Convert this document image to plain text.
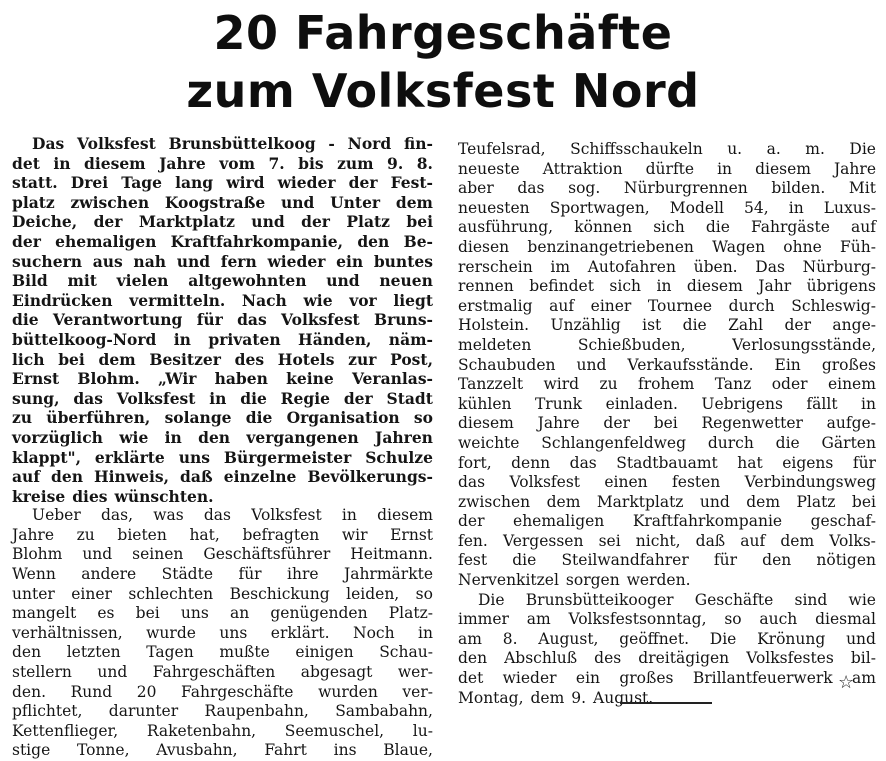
20 Fahrgeschäfte
zum Volksfest Nord
Das Volksfest Brunsbüttelkoog - Nord fin-
det in diesem Jahre vom 7. bis zum 9. 8.
statt. Drei Tage lang wird wieder der Fest-
platz zwischen Koogstraße und Unter dem
Deiche, der Marktplatz und der Platz bei
der ehemaligen Kraftfahrkompanie, den Be-
suchern aus nah und fern wieder ein buntes
Bild mit vielen altgewohnten und neuen
Eindrücken vermitteln. Nach wie vor liegt
die Verantwortung für das Volksfest Bruns-
büttelkoog-Nord in privaten Händen, näm-
lich bei dem Besitzer des Hotels zur Post,
Ernst Blohm. „Wir haben keine Veranlas-
sung, das Volksfest in die Regie der Stadt
zu überführen, solange die Organisation so
vorzüglich wie in den vergangenen Jahren
klappt", erklärte uns Bürgermeister Schulze
auf den Hinweis, daß einzelne Bevölkerungs-
kreise dies wünschten.
Ueber das, was das Volksfest in diesem
Jahre zu bieten hat, befragten wir Ernst
Blohm und seinen Geschäftsführer Heitmann.
Wenn andere Städte für ihre Jahrmärkte
unter einer schlechten Beschickung leiden, so
mangelt es bei uns an genügenden Platz-
verhältnissen, wurde uns erklärt. Noch in
den letzten Tagen mußte einigen Schau-
stellern und Fahrgeschäften abgesagt wer-
den. Rund 20 Fahrgeschäfte wurden ver-
pflichtet, darunter Raupenbahn, Sambabahn,
Kettenflieger, Raketenbahn, Seemuschel, lu-
stige Tonne, Avusbahn, Fahrt ins Blaue,
Teufelsrad, Schiffsschaukeln u. a. m. Die
neueste Attraktion dürfte in diesem Jahre
aber das sog. Nürburgrennen bilden. Mit
neuesten Sportwagen, Modell 54, in Luxus-
ausführung, können sich die Fahrgäste auf
diesen benzinangetriebenen Wagen ohne Füh-
rerschein im Autofahren üben. Das Nürburg-
rennen befindet sich in diesem Jahr übrigens
erstmalig auf einer Tournee durch Schleswig-
Holstein. Unzählig ist die Zahl der ange-
meldeten	Schießbuden,	Verlosungsstände,
Schaubuden und Verkaufsstände. Ein großes
Tanzzelt wird zu frohem Tanz oder einem
kühlen Trunk einladen. Uebrigens fällt in
diesem Jahre der bei Regenwetter aufge-
weichte Schlangenfeldweg durch die Gärten
fort, denn das Stadtbauamt hat eigens für
das Volksfest einen festen Verbindungsweg
zwischen dem Marktplatz und dem Platz bei
der ehemaligen Kraftfahrkompanie geschaf-
fen. Vergessen sei nicht, daß auf dem Volks-
fest die Steilwandfahrer für den nötigen
Nervenkitzel sorgen werden.
Die Brunsbütteikooger Geschäfte sind wie
immer am Volksfestsonntag, so auch diesmal
am 8. August, geöffnet. Die Krönung und
den Abschluß des dreitägigen Volksfestes bil-
det wieder ein großes Brillantfeuerwerk am
Montag, dem 9. August.
☆
